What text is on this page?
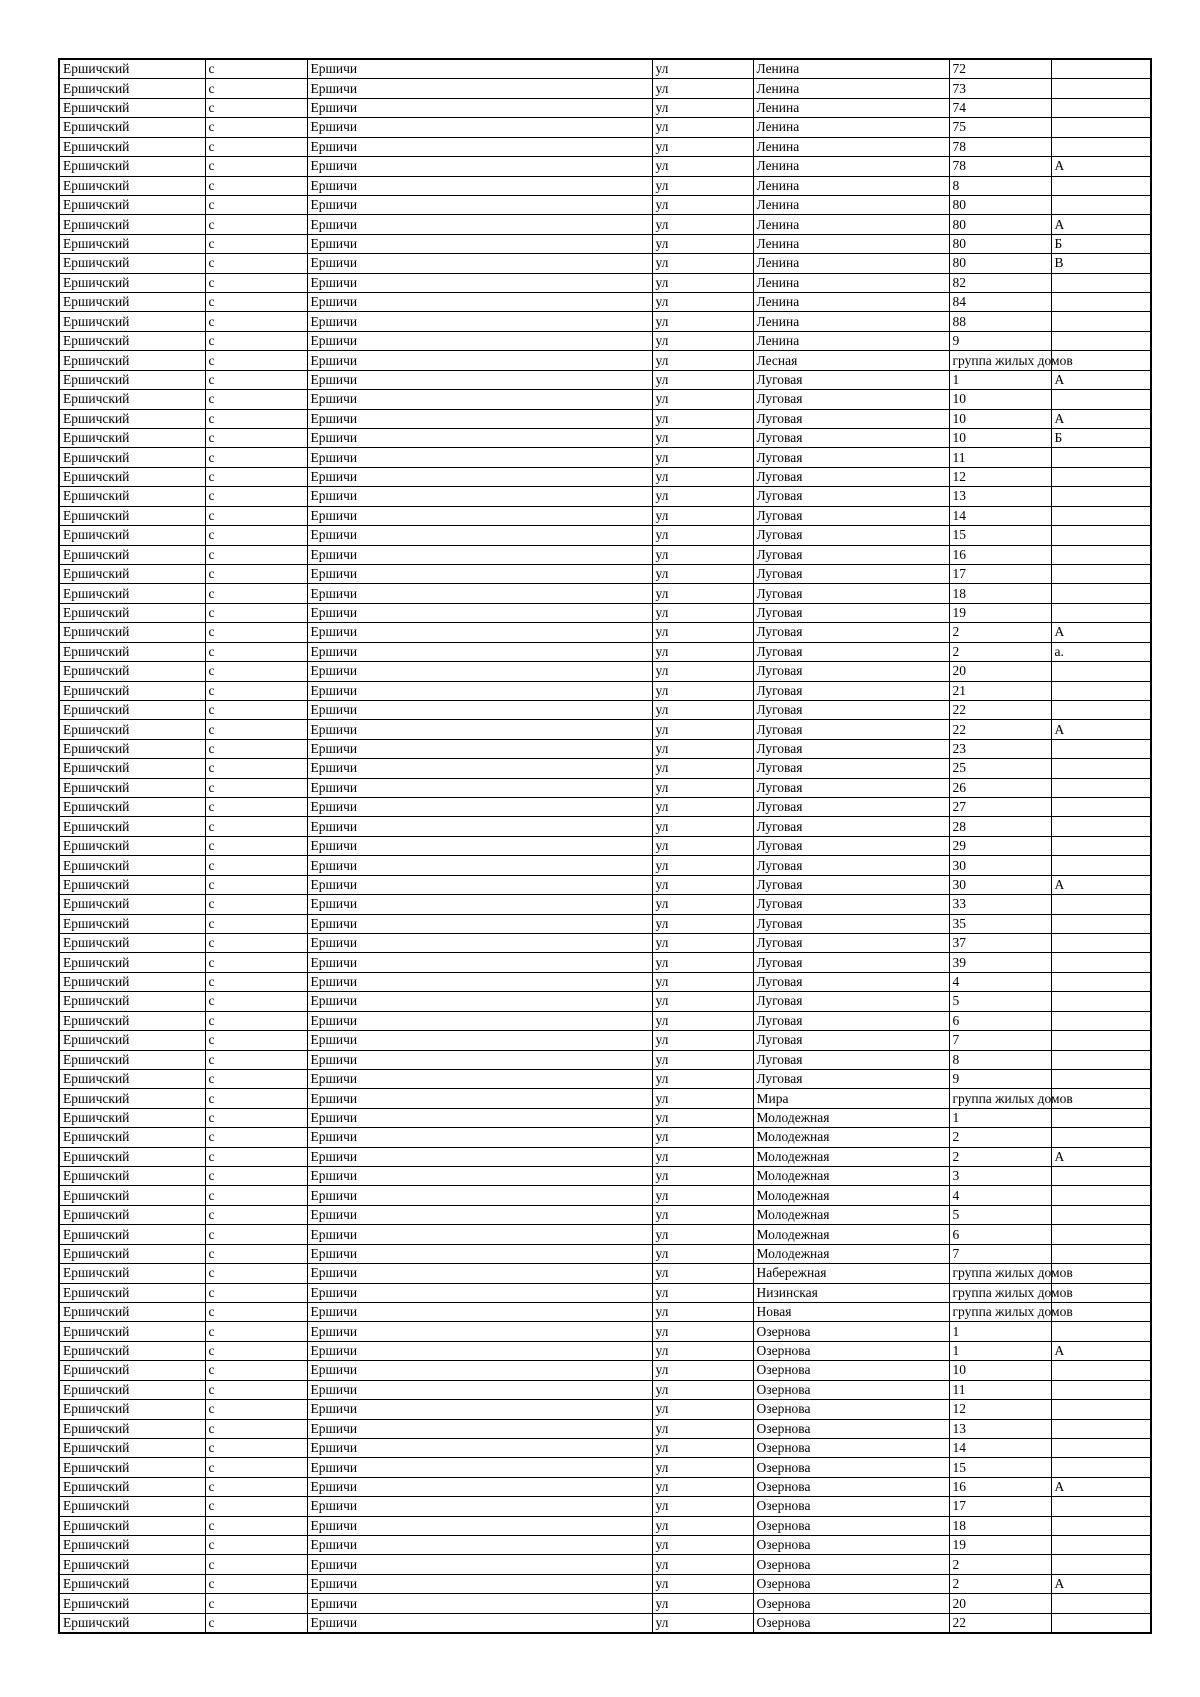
Ершичский	с	Ершичи	ул	Ленина	72	
Ершичский	с	Ершичи	ул	Ленина	73	
Ершичский	с	Ершичи	ул	Ленина	74	
Ершичский	с	Ершичи	ул	Ленина	75	
Ершичский	с	Ершичи	ул	Ленина	78	
Ершичский	с	Ершичи	ул	Ленина	78	А
Ершичский	с	Ершичи	ул	Ленина	8	
Ершичский	с	Ершичи	ул	Ленина	80	
Ершичский	с	Ершичи	ул	Ленина	80	А
Ершичский	с	Ершичи	ул	Ленина	80	Б
Ершичский	с	Ершичи	ул	Ленина	80	В
Ершичский	с	Ершичи	ул	Ленина	82	
Ершичский	с	Ершичи	ул	Ленина	84	
Ершичский	с	Ершичи	ул	Ленина	88	
Ершичский	с	Ершичи	ул	Ленина	9	
Ершичский	с	Ершичи	ул	Лесная	группа жилых домов	
Ершичский	с	Ершичи	ул	Луговая	1	А
Ершичский	с	Ершичи	ул	Луговая	10	
Ершичский	с	Ершичи	ул	Луговая	10	А
Ершичский	с	Ершичи	ул	Луговая	10	Б
Ершичский	с	Ершичи	ул	Луговая	11	
Ершичский	с	Ершичи	ул	Луговая	12	
Ершичский	с	Ершичи	ул	Луговая	13	
Ершичский	с	Ершичи	ул	Луговая	14	
Ершичский	с	Ершичи	ул	Луговая	15	
Ершичский	с	Ершичи	ул	Луговая	16	
Ершичский	с	Ершичи	ул	Луговая	17	
Ершичский	с	Ершичи	ул	Луговая	18	
Ершичский	с	Ершичи	ул	Луговая	19	
Ершичский	с	Ершичи	ул	Луговая	2	А
Ершичский	с	Ершичи	ул	Луговая	2	а.
Ершичский	с	Ершичи	ул	Луговая	20	
Ершичский	с	Ершичи	ул	Луговая	21	
Ершичский	с	Ершичи	ул	Луговая	22	
Ершичский	с	Ершичи	ул	Луговая	22	А
Ершичский	с	Ершичи	ул	Луговая	23	
Ершичский	с	Ершичи	ул	Луговая	25	
Ершичский	с	Ершичи	ул	Луговая	26	
Ершичский	с	Ершичи	ул	Луговая	27	
Ершичский	с	Ершичи	ул	Луговая	28	
Ершичский	с	Ершичи	ул	Луговая	29	
Ершичский	с	Ершичи	ул	Луговая	30	
Ершичский	с	Ершичи	ул	Луговая	30	А
Ершичский	с	Ершичи	ул	Луговая	33	
Ершичский	с	Ершичи	ул	Луговая	35	
Ершичский	с	Ершичи	ул	Луговая	37	
Ершичский	с	Ершичи	ул	Луговая	39	
Ершичский	с	Ершичи	ул	Луговая	4	
Ершичский	с	Ершичи	ул	Луговая	5	
Ершичский	с	Ершичи	ул	Луговая	6	
Ершичский	с	Ершичи	ул	Луговая	7	
Ершичский	с	Ершичи	ул	Луговая	8	
Ершичский	с	Ершичи	ул	Луговая	9	
Ершичский	с	Ершичи	ул	Мира	группа жилых домов	
Ершичский	с	Ершичи	ул	Молодежная	1	
Ершичский	с	Ершичи	ул	Молодежная	2	
Ершичский	с	Ершичи	ул	Молодежная	2	А
Ершичский	с	Ершичи	ул	Молодежная	3	
Ершичский	с	Ершичи	ул	Молодежная	4	
Ершичский	с	Ершичи	ул	Молодежная	5	
Ершичский	с	Ершичи	ул	Молодежная	6	
Ершичский	с	Ершичи	ул	Молодежная	7	
Ершичский	с	Ершичи	ул	Набережная	группа жилых домов	
Ершичский	с	Ершичи	ул	Низинская	группа жилых домов	
Ершичский	с	Ершичи	ул	Новая	группа жилых домов	
Ершичский	с	Ершичи	ул	Озернова	1	
Ершичский	с	Ершичи	ул	Озернова	1	А
Ершичский	с	Ершичи	ул	Озернова	10	
Ершичский	с	Ершичи	ул	Озернова	11	
Ершичский	с	Ершичи	ул	Озернова	12	
Ершичский	с	Ершичи	ул	Озернова	13	
Ершичский	с	Ершичи	ул	Озернова	14	
Ершичский	с	Ершичи	ул	Озернова	15	
Ершичский	с	Ершичи	ул	Озернова	16	А
Ершичский	с	Ершичи	ул	Озернова	17	
Ершичский	с	Ершичи	ул	Озернова	18	
Ершичский	с	Ершичи	ул	Озернова	19	
Ершичский	с	Ершичи	ул	Озернова	2	
Ершичский	с	Ершичи	ул	Озернова	2	А
Ершичский	с	Ершичи	ул	Озернова	20	
Ершичский	с	Ершичи	ул	Озернова	22	
